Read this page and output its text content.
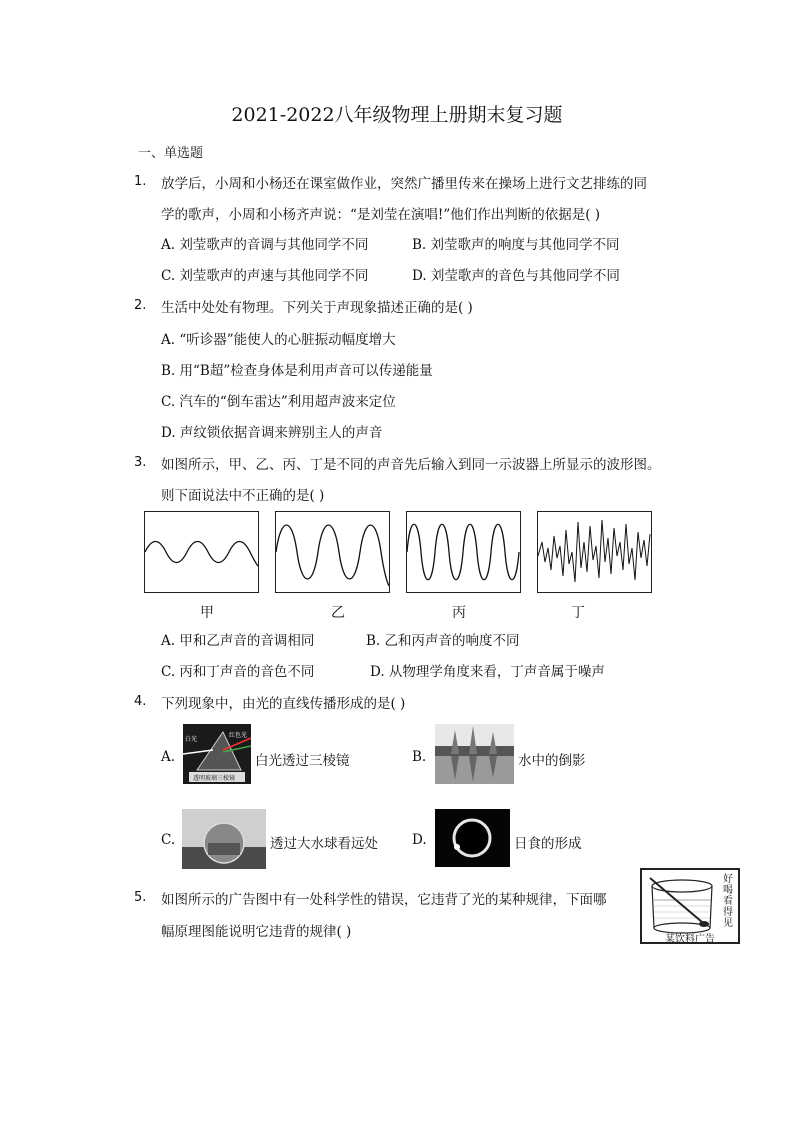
2021-2022八年级物理上册期末复习题
一、单选题
1. 放学后，小周和小杨还在课室做作业，突然广播里传来在操场上进行文艺排练的同
学的歌声，小周和小杨齐声说：“是刘莹在演唱!”他们作出判断的依据是( )
A. 刘莹歌声的音调与其他同学不同	B. 刘莹歌声的响度与其他同学不同
C. 刘莹歌声的声速与其他同学不同	D. 刘莹歌声的音色与其他同学不同
2. 生活中处处有物理。下列关于声现象描述正确的是( )
A. “听诊器”能使人的心脏振动幅度增大
B. 用“B超”检查身体是利用声音可以传递能量
C. 汽车的“倒车雷达”利用超声波来定位
D. 声纹锁依据音调来辨别主人的声音
3. 如图所示，甲、乙、丙、丁是不同的声音先后输入到同一示波器上所显示的波形图。
则下面说法中不正确的是( )
甲	乙	丙	丁
A. 甲和乙声音的音调相同	B. 乙和丙声音的响度不同
C. 丙和丁声音的音色不同	D. 从物理学角度来看，丁声音属于噪声
4. 下列现象中，由光的直线传播形成的是( )
A.
白光
红色光
透明玻璃三棱镜
白光透过三棱镜	B.	水中的倒影
C.	透过大水球看远处	D.	日食的形成
5. 如图所示的广告图中有一处科学性的错误，它违背了光的某种规律，下面哪
幅原理图能说明它违背的规律( )
好
喝
看
得
见
某饮料广告
